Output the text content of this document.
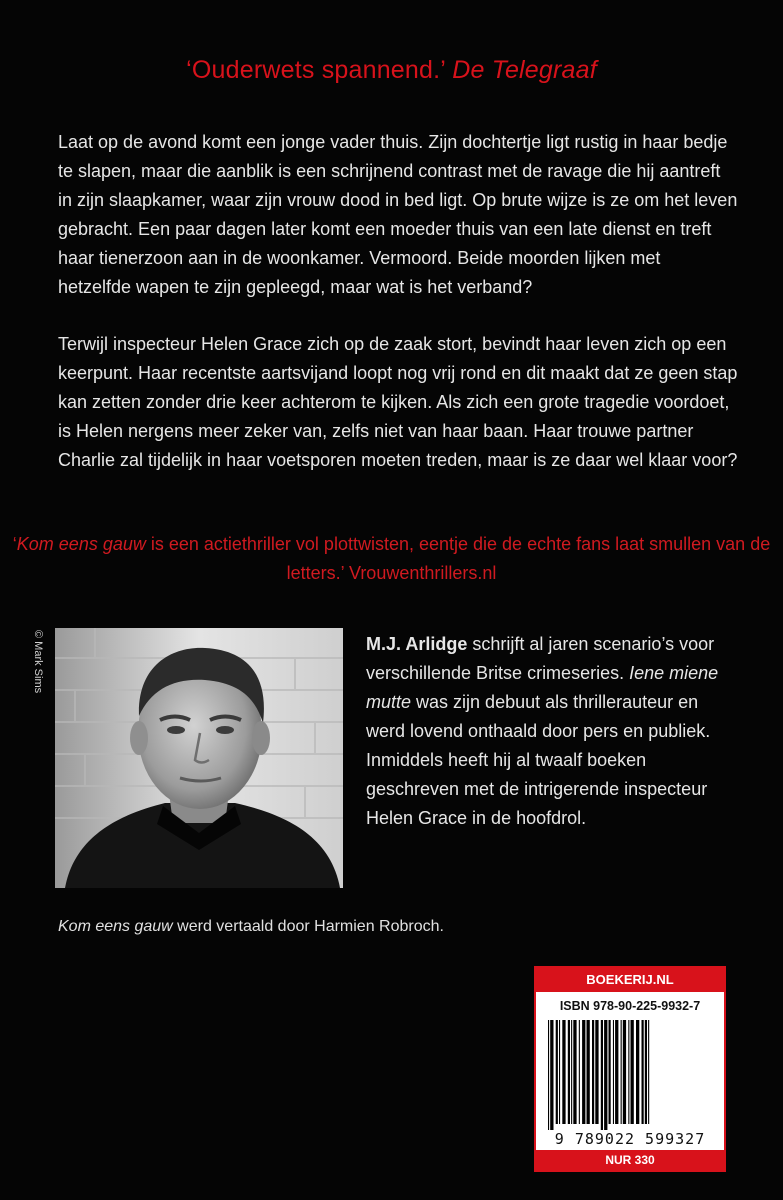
‘Ouderwets spannend.’ De Telegraaf

Laat op de avond komt een jonge vader thuis. Zijn dochtertje ligt rustig in haar bedje te slapen, maar die aanblik is een schrijnend contrast met de ravage die hij aantreft in zijn slaapkamer, waar zijn vrouw dood in bed ligt. Op brute wijze is ze om het leven gebracht. Een paar dagen later komt een moeder thuis van een late dienst en treft haar tienerzoon aan in de woonkamer. Vermoord. Beide moorden lijken met hetzelfde wapen te zijn gepleegd, maar wat is het verband?

Terwijl inspecteur Helen Grace zich op de zaak stort, bevindt haar leven zich op een keerpunt. Haar recentste aartsvijand loopt nog vrij rond en dit maakt dat ze geen stap kan zetten zonder drie keer achterom te kijken. Als zich een grote tragedie voordoet, is Helen nergens meer zeker van, zelfs niet van haar baan. Haar trouwe partner Charlie zal tijdelijk in haar voetsporen moeten treden, maar is ze daar wel klaar voor?

‘Kom eens gauw is een actiethriller vol plottwisten, eentje die de echte fans laat smullen van de letters.’ Vrouwenthrillers.nl

© Mark Sims	M.J. Arlidge schrijft al jaren scenario’s voor verschillende Britse crimeseries. Iene miene mutte was zijn debuut als thrillerauteur en werd lovend onthaald door pers en publiek. Inmiddels heeft hij al twaalf boeken geschreven met de intrigerende inspecteur Helen Grace in de hoofdrol.

Kom eens gauw werd vertaald door Harmien Robroch.

BOEKERIJ.NL
ISBN 978-90-225-9932-7
9 789022 599327
NUR 330
